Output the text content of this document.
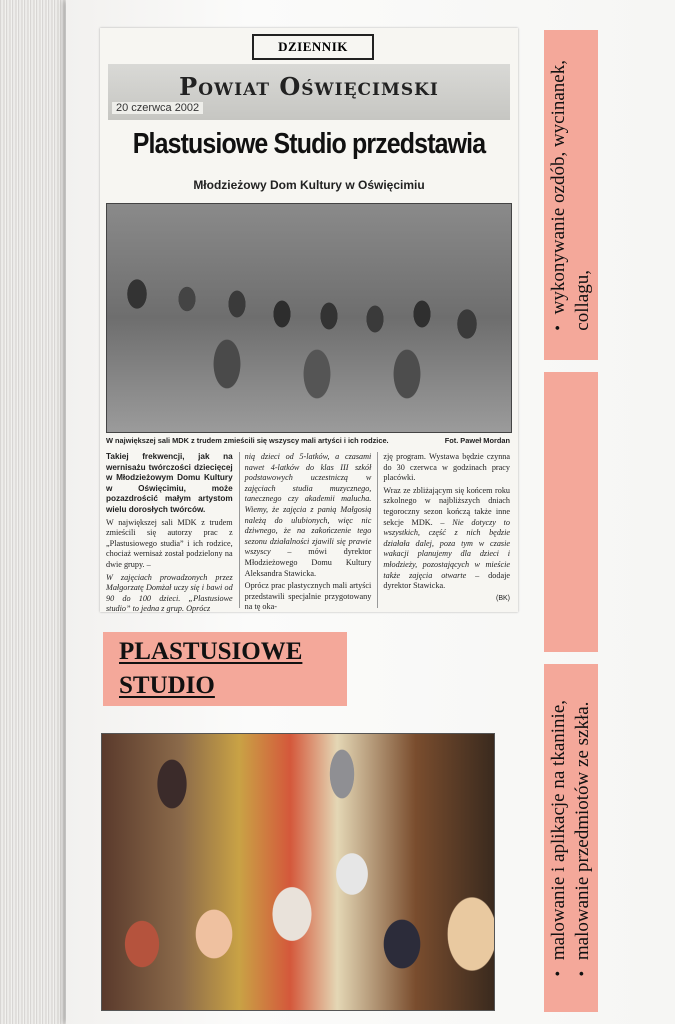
DZIENNIK
Powiat Oświęcimski
20 czerwca 2002
Plastusiowe Studio przedstawia
Młodzieżowy Dom Kultury w Oświęcimiu
W największej sali MDK z trudem zmieścili się wszyscy mali artyści i ich rodzice.	Fot. Paweł Mordan

Takiej frekwencji, jak na wernisażu twórczości dziecięcej w Młodzieżowym Domu Kultury w Oświęcimiu, może pozazdrościć małym artystom wielu dorosłych twórców.

W największej sali MDK z trudem zmieścili się autorzy prac z „Plastusiowego studia” i ich rodzice, chociaż wernisaż został podzielony na dwie grupy. –

W zajęciach prowadzonych przez Małgorzatę Domżał uczy się i bawi od 90 do 100 dzieci. „Plastusiowe studio” to jedna z grup. Oprócz

nią dzieci od 5-latków, a czasami nawet 4-latków do klas III szkół podstawowych uczestniczą w zajęciach studia muzycznego, tanecznego czy akademii malucha. Wiemy, że zajęcia z panią Małgosią należą do ulubionych, więc nic dziwnego, że na zakończenie tego sezonu działalności zjawili się prawie wszyscy – mówi dyrektor Młodzieżowego Domu Kultury Aleksandra Stawicka.

Oprócz prac plastycznych mali artyści przedstawili specjalnie przygotowany na tę oka-

zję program. Wystawa będzie czynna do 30 czerwca w godzinach pracy placówki.

Wraz ze zbliżającym się końcem roku szkolnego w najbliższych dniach tegoroczny sezon kończą także inne sekcje MDK. – Nie dotyczy to wszystkich, część z nich będzie działała dalej, poza tym w czasie wakacji planujemy dla dzieci i młodzieży, pozostających w mieście także zajęcia otwarte – dodaje dyrektor Stawicka.

(BK)
PLASTUSIOWE
STUDIO
• wykonywanie ozdób, wycinanek, collagu,
• malowanie i aplikacje na tkaninie,
• malowanie przedmiotów ze szkła.
